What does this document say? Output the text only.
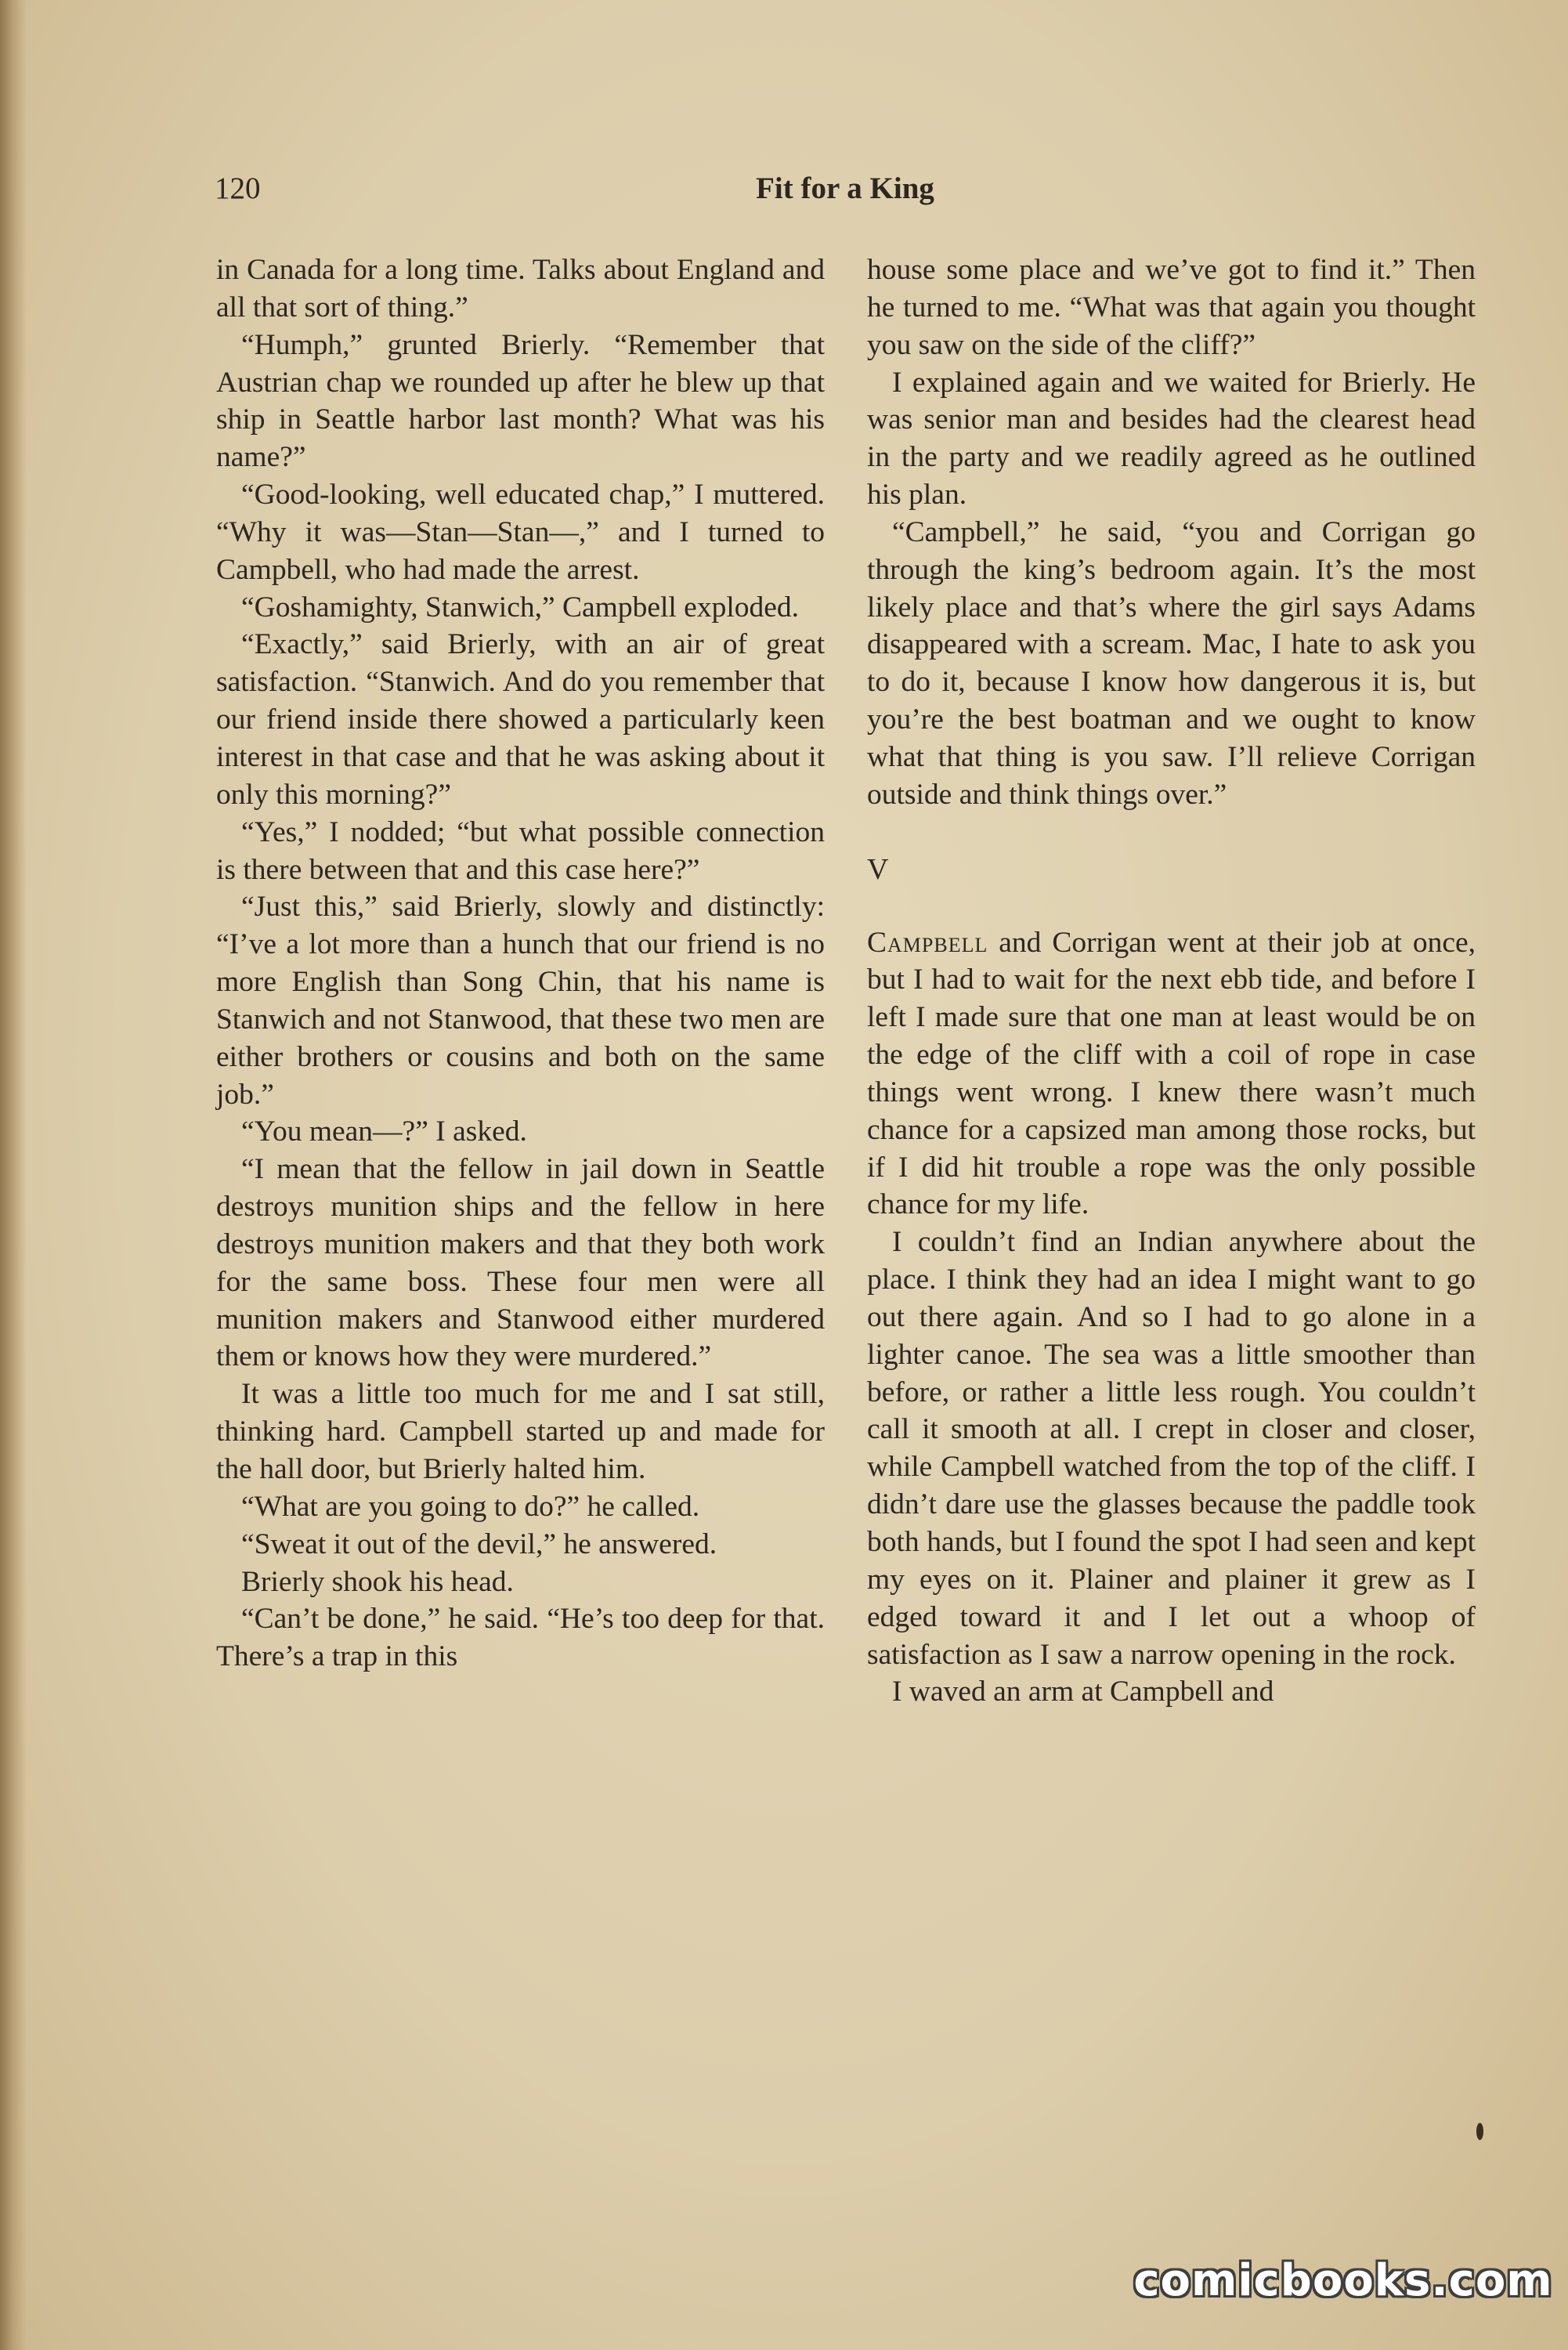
120	Fit for a King

in Canada for a long time. Talks about England and all that sort of thing.”

“Humph,” grunted Brierly. “Remember that Austrian chap we rounded up after he blew up that ship in Seattle harbor last month? What was his name?”

“Good-looking, well educated chap,” I muttered. “Why it was—Stan—Stan—,” and I turned to Campbell, who had made the arrest.

“Goshamighty, Stanwich,” Campbell exploded.

“Exactly,” said Brierly, with an air of great satisfaction. “Stanwich. And do you remember that our friend inside there showed a particularly keen interest in that case and that he was asking about it only this morning?”

“Yes,” I nodded; “but what possible connection is there between that and this case here?”

“Just this,” said Brierly, slowly and distinctly: “I’ve a lot more than a hunch that our friend is no more English than Song Chin, that his name is Stanwich and not Stanwood, that these two men are either brothers or cousins and both on the same job.”

“You mean—?” I asked.

“I mean that the fellow in jail down in Seattle destroys munition ships and the fellow in here destroys munition makers and that they both work for the same boss. These four men were all munition makers and Stanwood either murdered them or knows how they were murdered.”

It was a little too much for me and I sat still, thinking hard. Campbell started up and made for the hall door, but Brierly halted him.

“What are you going to do?” he called.

“Sweat it out of the devil,” he answered.

Brierly shook his head.

“Can’t be done,” he said. “He’s too deep for that. There’s a trap in this

house some place and we’ve got to find it.” Then he turned to me. “What was that again you thought you saw on the side of the cliff?”

I explained again and we waited for Brierly. He was senior man and besides had the clearest head in the party and we readily agreed as he outlined his plan.

“Campbell,” he said, “you and Corrigan go through the king’s bedroom again. It’s the most likely place and that’s where the girl says Adams disappeared with a scream. Mac, I hate to ask you to do it, because I know how dangerous it is, but you’re the best boatman and we ought to know what that thing is you saw. I’ll relieve Corrigan outside and think things over.”

V

Campbell and Corrigan went at their job at once, but I had to wait for the next ebb tide, and before I left I made sure that one man at least would be on the edge of the cliff with a coil of rope in case things went wrong. I knew there wasn’t much chance for a capsized man among those rocks, but if I did hit trouble a rope was the only possible chance for my life.

I couldn’t find an Indian anywhere about the place. I think they had an idea I might want to go out there again. And so I had to go alone in a lighter canoe. The sea was a little smoother than before, or rather a little less rough. You couldn’t call it smooth at all. I crept in closer and closer, while Campbell watched from the top of the cliff. I didn’t dare use the glasses because the paddle took both hands, but I found the spot I had seen and kept my eyes on it. Plainer and plainer it grew as I edged toward it and I let out a whoop of satisfaction as I saw a narrow opening in the rock.

I waved an arm at Campbell and

comicbooks.com
